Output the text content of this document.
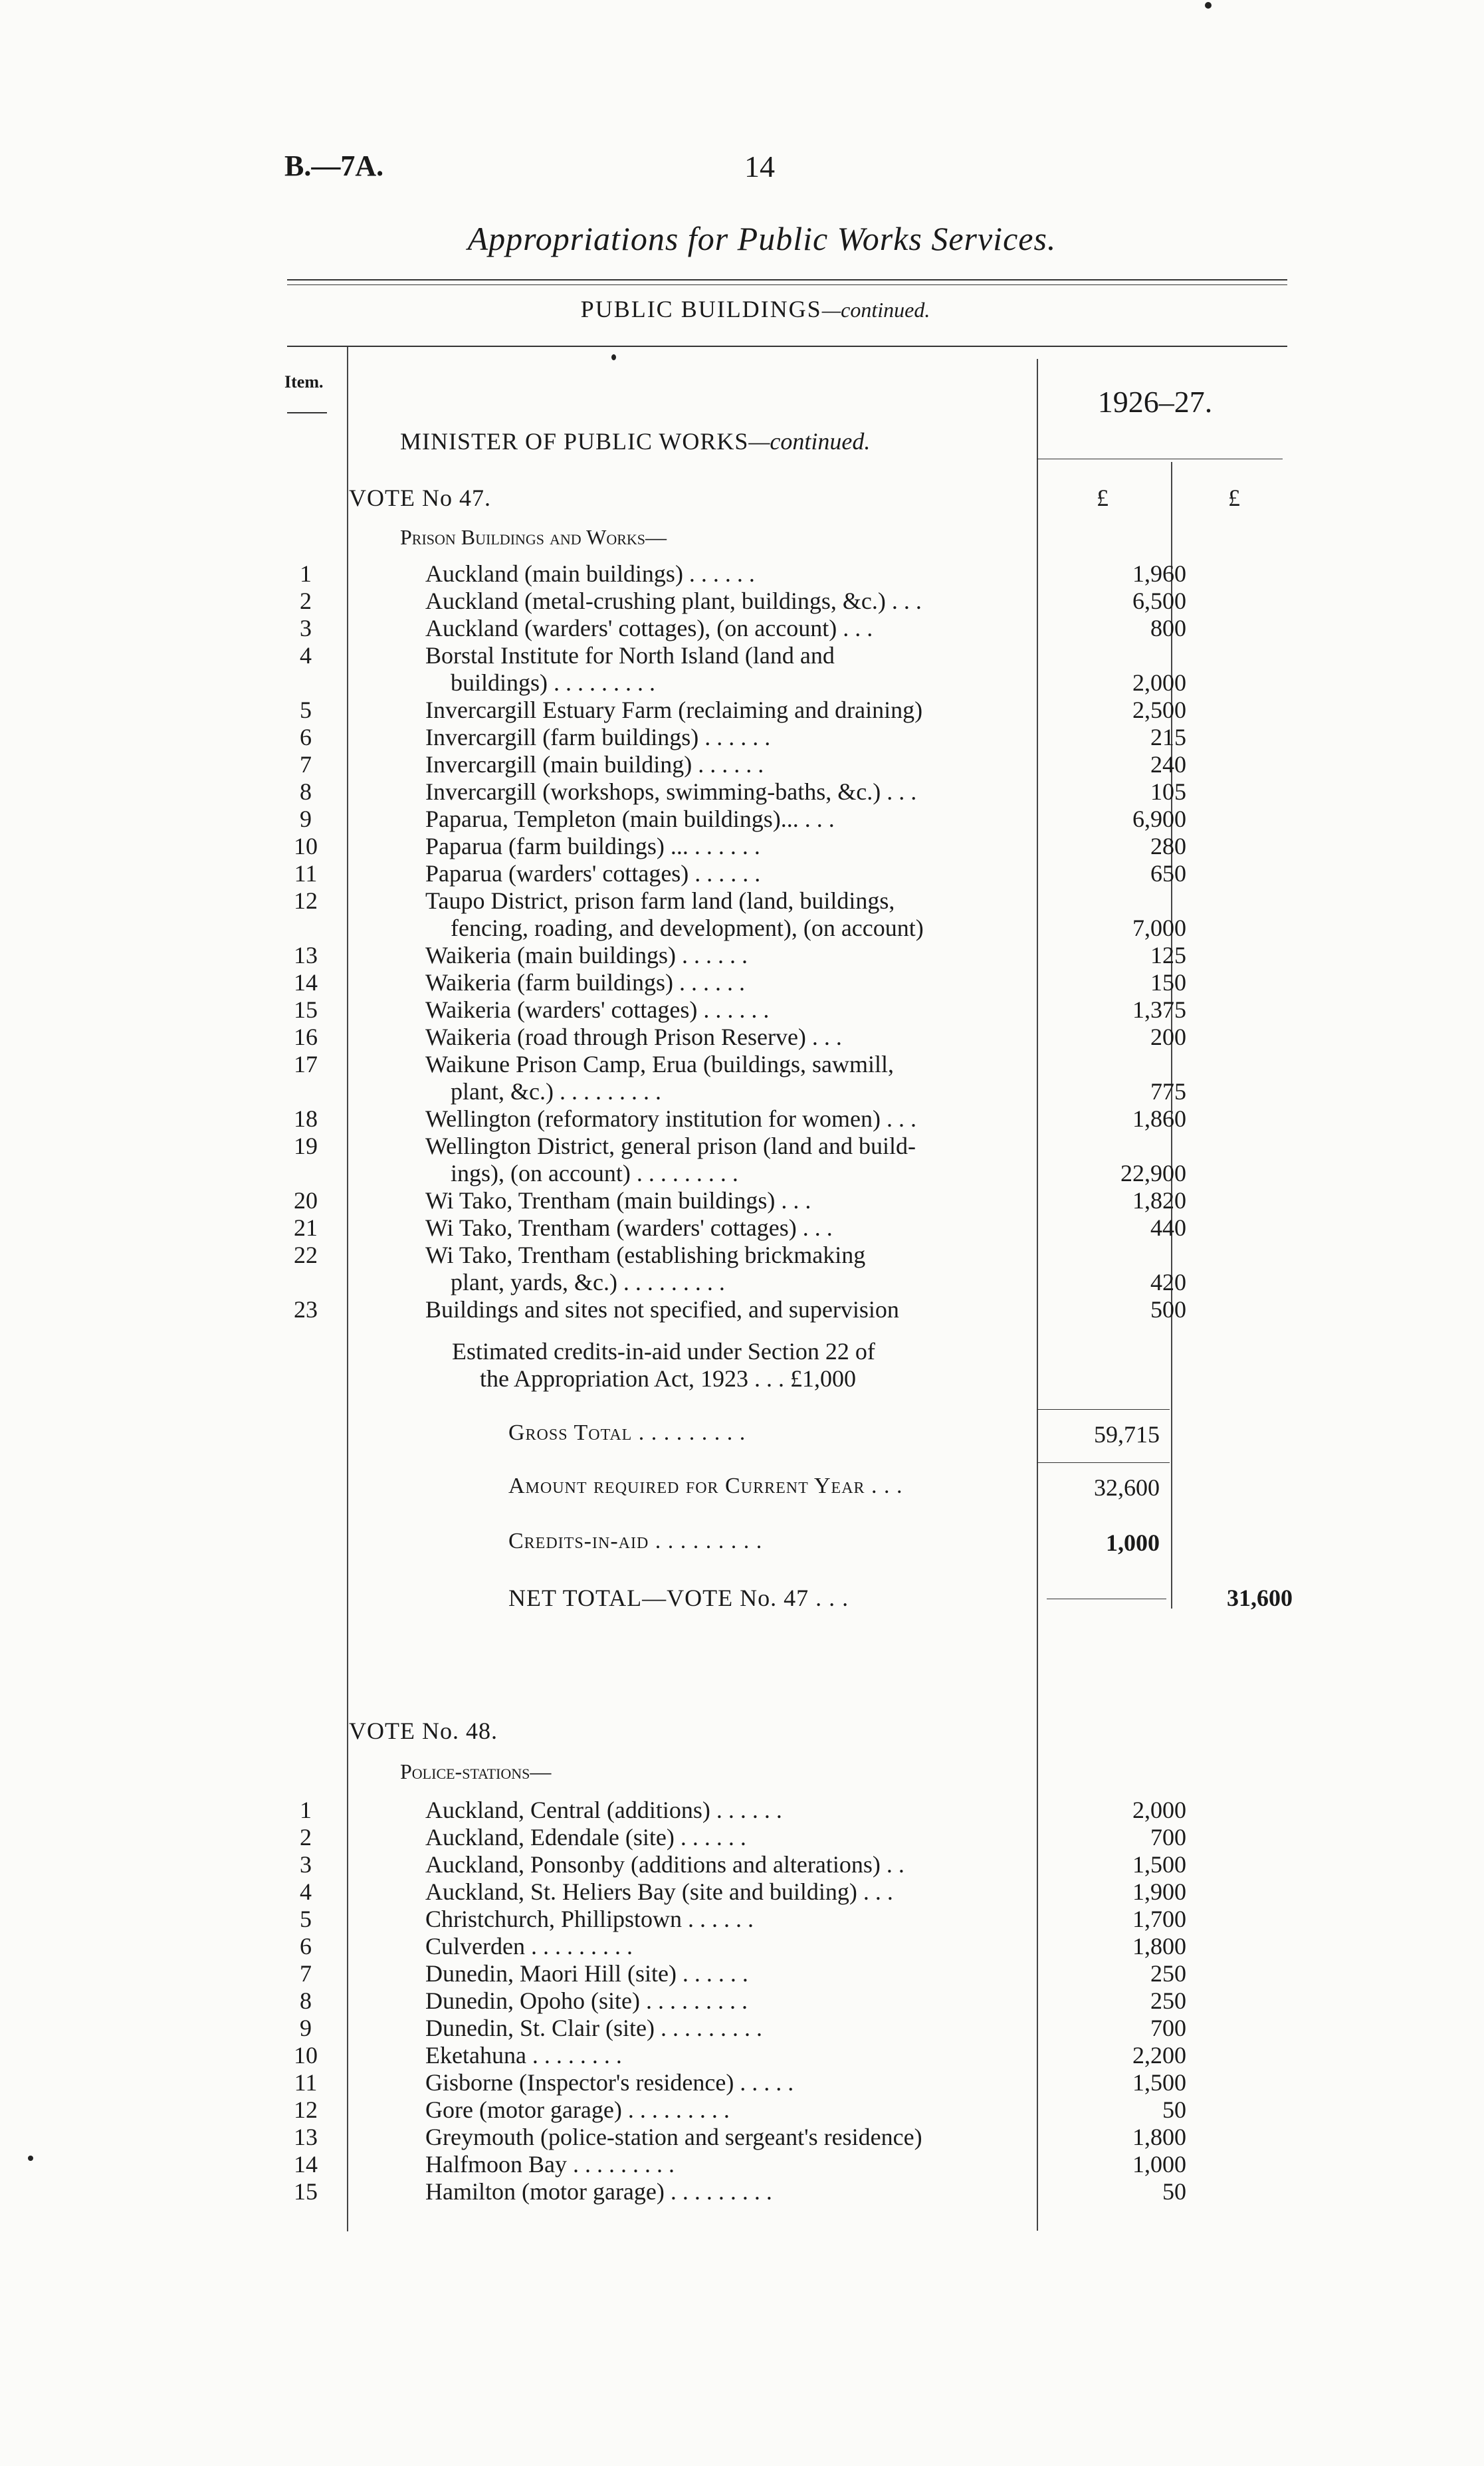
B.—7A.	14
Appropriations for Public Works Services.
PUBLIC BUILDINGS—continued.
Item.
1926–27.
MINISTER OF PUBLIC WORKS—continued.
VOTE No 47.	£	£
Prison Buildings and Works—
1	Auckland (main buildings) . . . . . .	1,960
2	Auckland (metal-crushing plant, buildings, &c.) . . .	6,500
3	Auckland (warders' cottages), (on account) . . .	800
4	Borstal Institute for North Island (land and
buildings) . . . . . . . . .	2,000
5	Invercargill Estuary Farm (reclaiming and draining)	2,500
6	Invercargill (farm buildings) . . . . . .	215
7	Invercargill (main building) . . . . . .	240
8	Invercargill (workshops, swimming-baths, &c.) . . .	105
9	Paparua, Templeton (main buildings)... . . .	6,900
10	Paparua (farm buildings) ... . . . . . .	280
11	Paparua (warders' cottages) . . . . . .	650
12	Taupo District, prison farm land (land, buildings,
fencing, roading, and development), (on account)	7,000
13	Waikeria (main buildings) . . . . . .	125
14	Waikeria (farm buildings) . . . . . .	150
15	Waikeria (warders' cottages) . . . . . .	1,375
16	Waikeria (road through Prison Reserve) . . .	200
17	Waikune Prison Camp, Erua (buildings, sawmill,
plant, &c.) . . . . . . . . .	775
18	Wellington (reformatory institution for women) . . .	1,860
19	Wellington District, general prison (land and build-
ings), (on account) . . . . . . . . .	22,900
20	Wi Tako, Trentham (main buildings) . . .	1,820
21	Wi Tako, Trentham (warders' cottages) . . .	440
22	Wi Tako, Trentham (establishing brickmaking
plant, yards, &c.) . . . . . . . . .	420
23	Buildings and sites not specified, and supervision	500
Estimated credits-in-aid under Section 22 of
the Appropriation Act, 1923 . . . £1,000
Gross Total . . . . . . . . .	59,715
Amount required for Current Year . . .	32,600
Credits-in-aid . . . . . . . . .	1,000
NET TOTAL—VOTE No. 47 . . .	31,600
VOTE No. 48.
Police-stations—
1	Auckland, Central (additions) . . . . . .	2,000
2	Auckland, Edendale (site) . . . . . .	700
3	Auckland, Ponsonby (additions and alterations) . .	1,500
4	Auckland, St. Heliers Bay (site and building) . . .	1,900
5	Christchurch, Phillipstown . . . . . .	1,700
6	Culverden . . . . . . . . .	1,800
7	Dunedin, Maori Hill (site) . . . . . .	250
8	Dunedin, Opoho (site) . . . . . . . . .	250
9	Dunedin, St. Clair (site) . . . . . . . . .	700
10	Eketahuna . . . . . . . .	2,200
11	Gisborne (Inspector's residence) . . . . .	1,500
12	Gore (motor garage) . . . . . . . . .	50
13	Greymouth (police-station and sergeant's residence)	1,800
14	Halfmoon Bay . . . . . . . . .	1,000
15	Hamilton (motor garage) . . . . . . . . .	50
